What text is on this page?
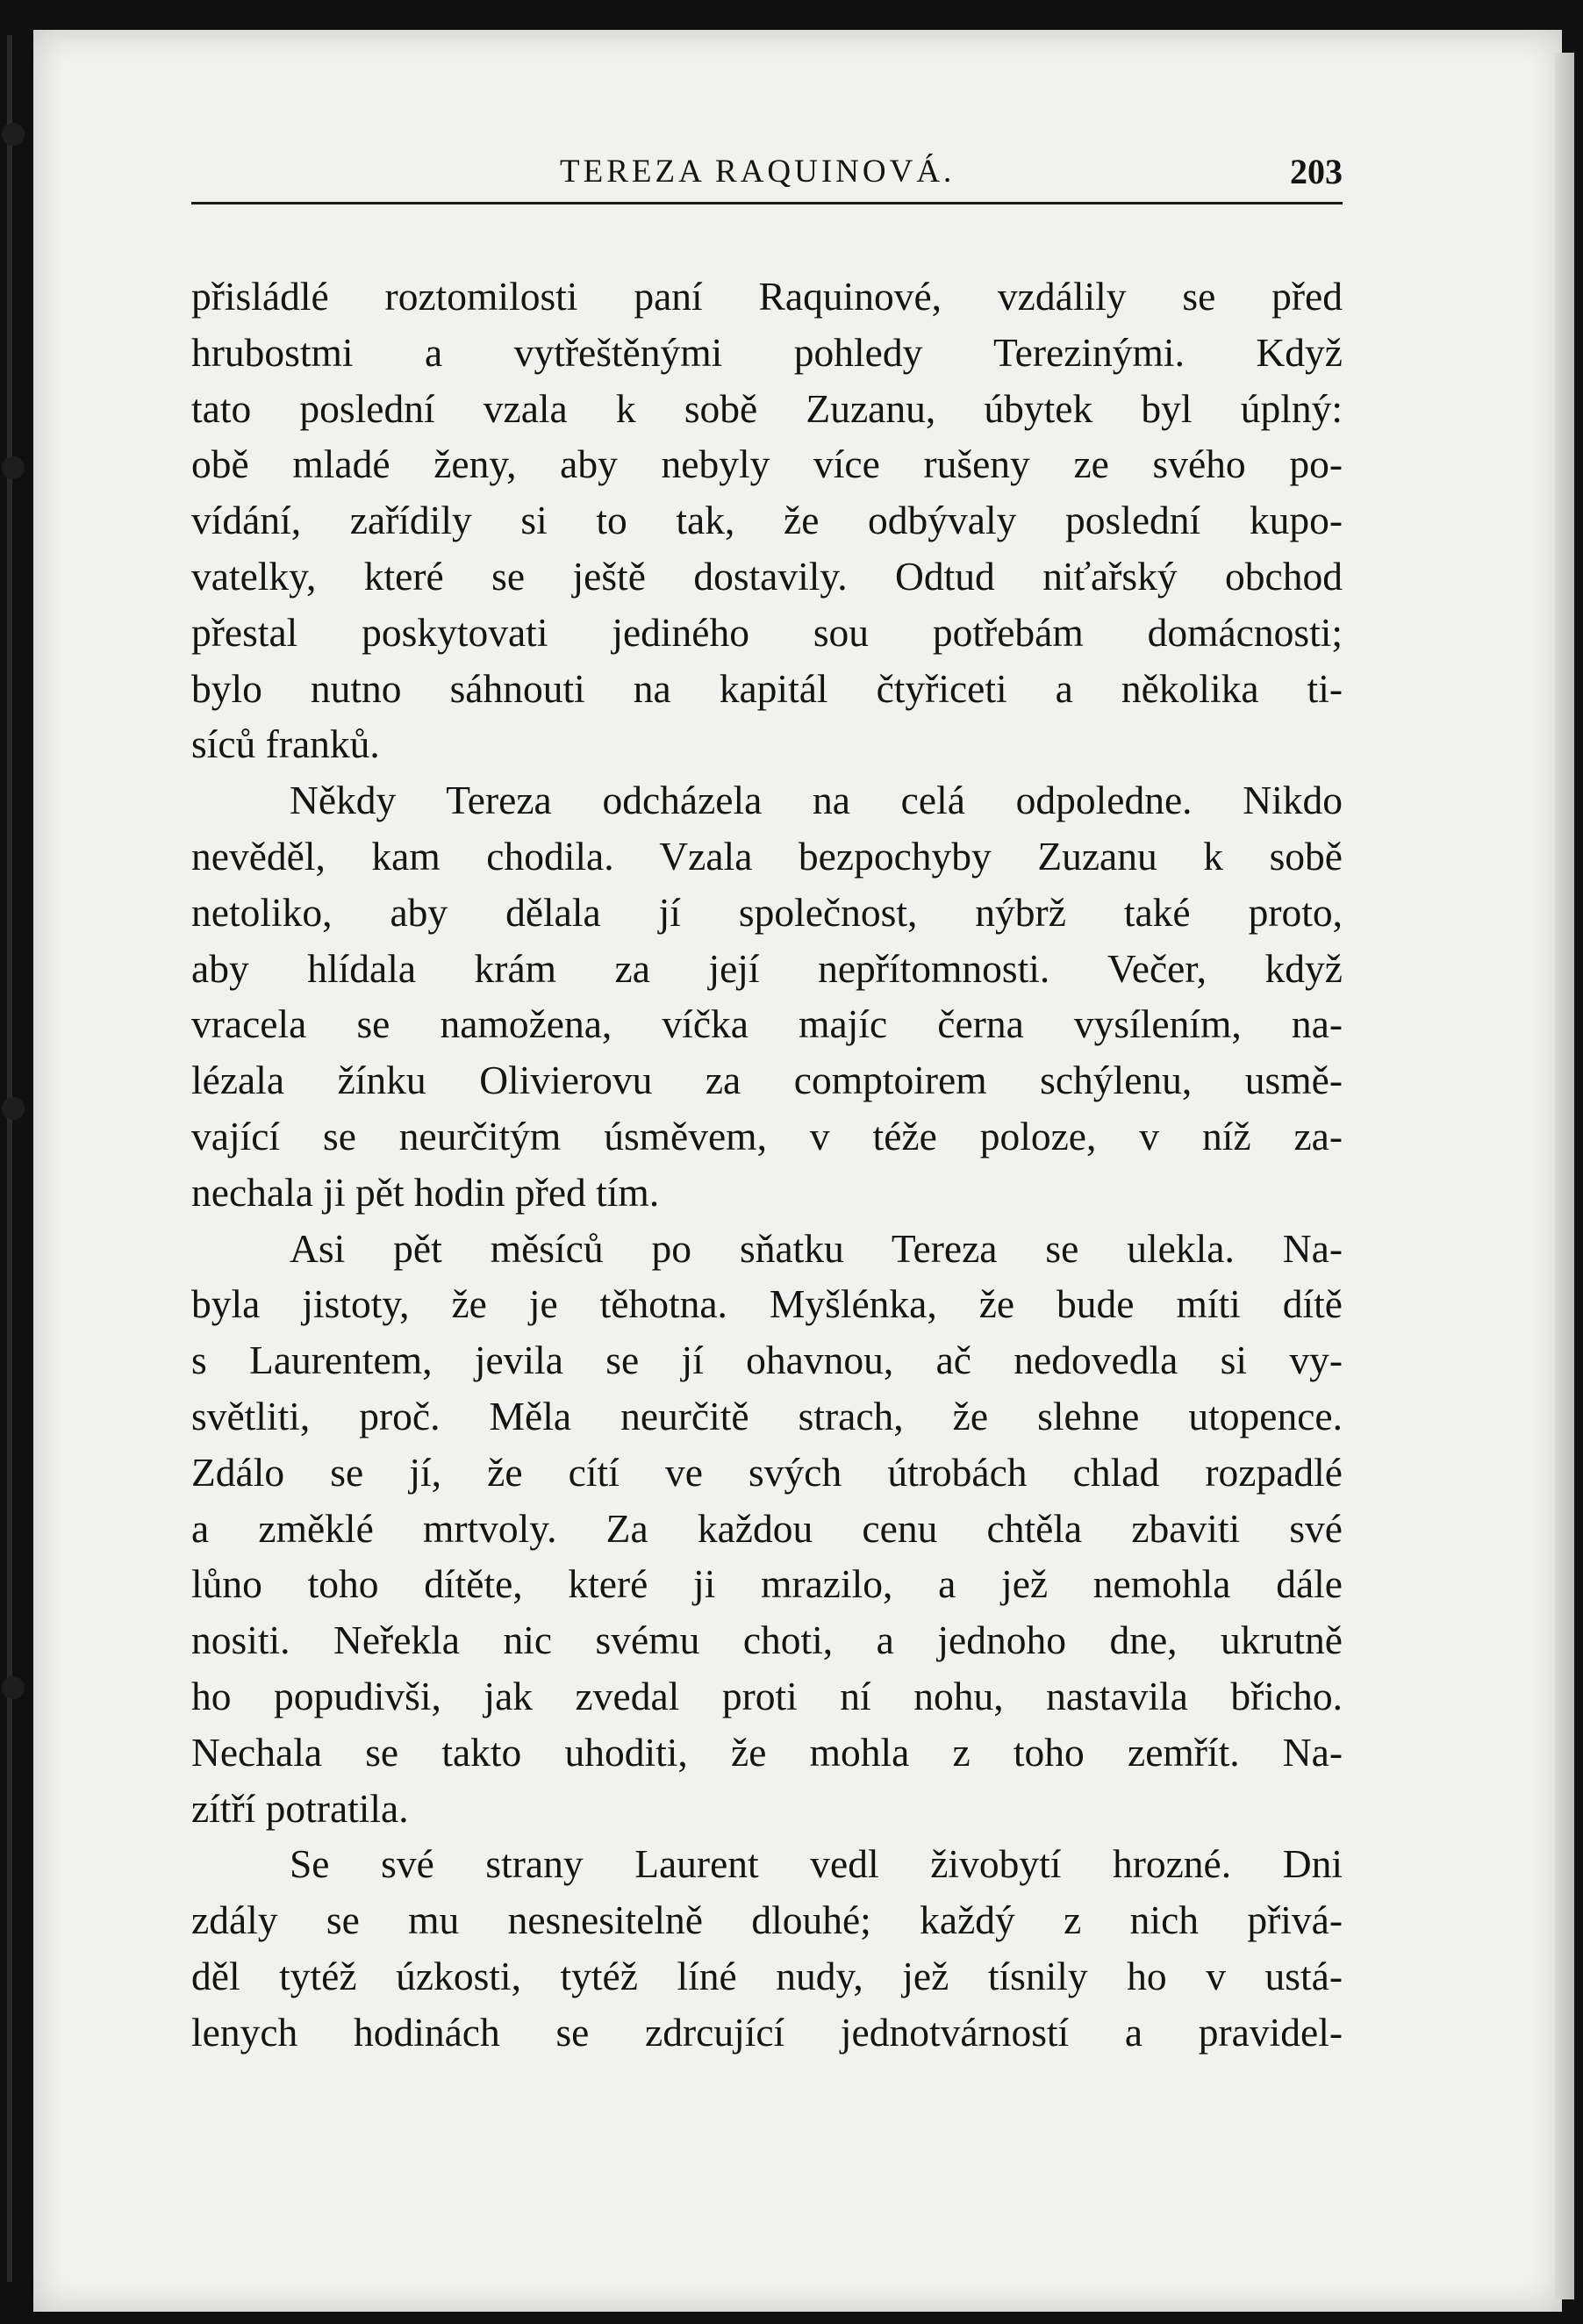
TEREZA RAQUINOVÁ.	203
přisládlé roztomilosti paní Raquinové, vzdálily se před
hrubostmi a vytřeštěnými pohledy Terezinými. Když
tato poslední vzala k sobě Zuzanu, úbytek byl úplný:
obě mladé ženy, aby nebyly více rušeny ze svého po-
vídání, zařídily si to tak, že odbývaly poslední kupo-
vatelky, které se ještě dostavily. Odtud niťařský obchod
přestal poskytovati jediného sou potřebám domácnosti;
bylo nutno sáhnouti na kapitál čtyřiceti a několika ti-
síců franků.
Někdy Tereza odcházela na celá odpoledne. Nikdo
nevěděl, kam chodila. Vzala bezpochyby Zuzanu k sobě
netoliko, aby dělala jí společnost, nýbrž také proto,
aby hlídala krám za její nepřítomnosti. Večer, když
vracela se namožena, víčka majíc černa vysílením, na-
lézala žínku Olivierovu za comptoirem schýlenu, usmě-
vající se neurčitým úsměvem, v téže poloze, v níž za-
nechala ji pět hodin před tím.
Asi pět měsíců po sňatku Tereza se ulekla. Na-
byla jistoty, že je těhotna. Myšlénka, že bude míti dítě
s Laurentem, jevila se jí ohavnou, ač nedovedla si vy-
světliti, proč. Měla neurčitě strach, že slehne utopence.
Zdálo se jí, že cítí ve svých útrobách chlad rozpadlé
a změklé mrtvoly. Za každou cenu chtěla zbaviti své
lůno toho dítěte, které ji mrazilo, a jež nemohla dále
nositi. Neřekla nic svému choti, a jednoho dne, ukrutně
ho popudivši, jak zvedal proti ní nohu, nastavila břicho.
Nechala se takto uhoditi, že mohla z toho zemřít. Na-
zítří potratila.
Se své strany Laurent vedl živobytí hrozné. Dni
zdály se mu nesnesitelně dlouhé; každý z nich přivá-
děl tytéž úzkosti, tytéž líné nudy, jež tísnily ho v ustá-
lenych hodinách se zdrcující jednotvárností a pravidel-
